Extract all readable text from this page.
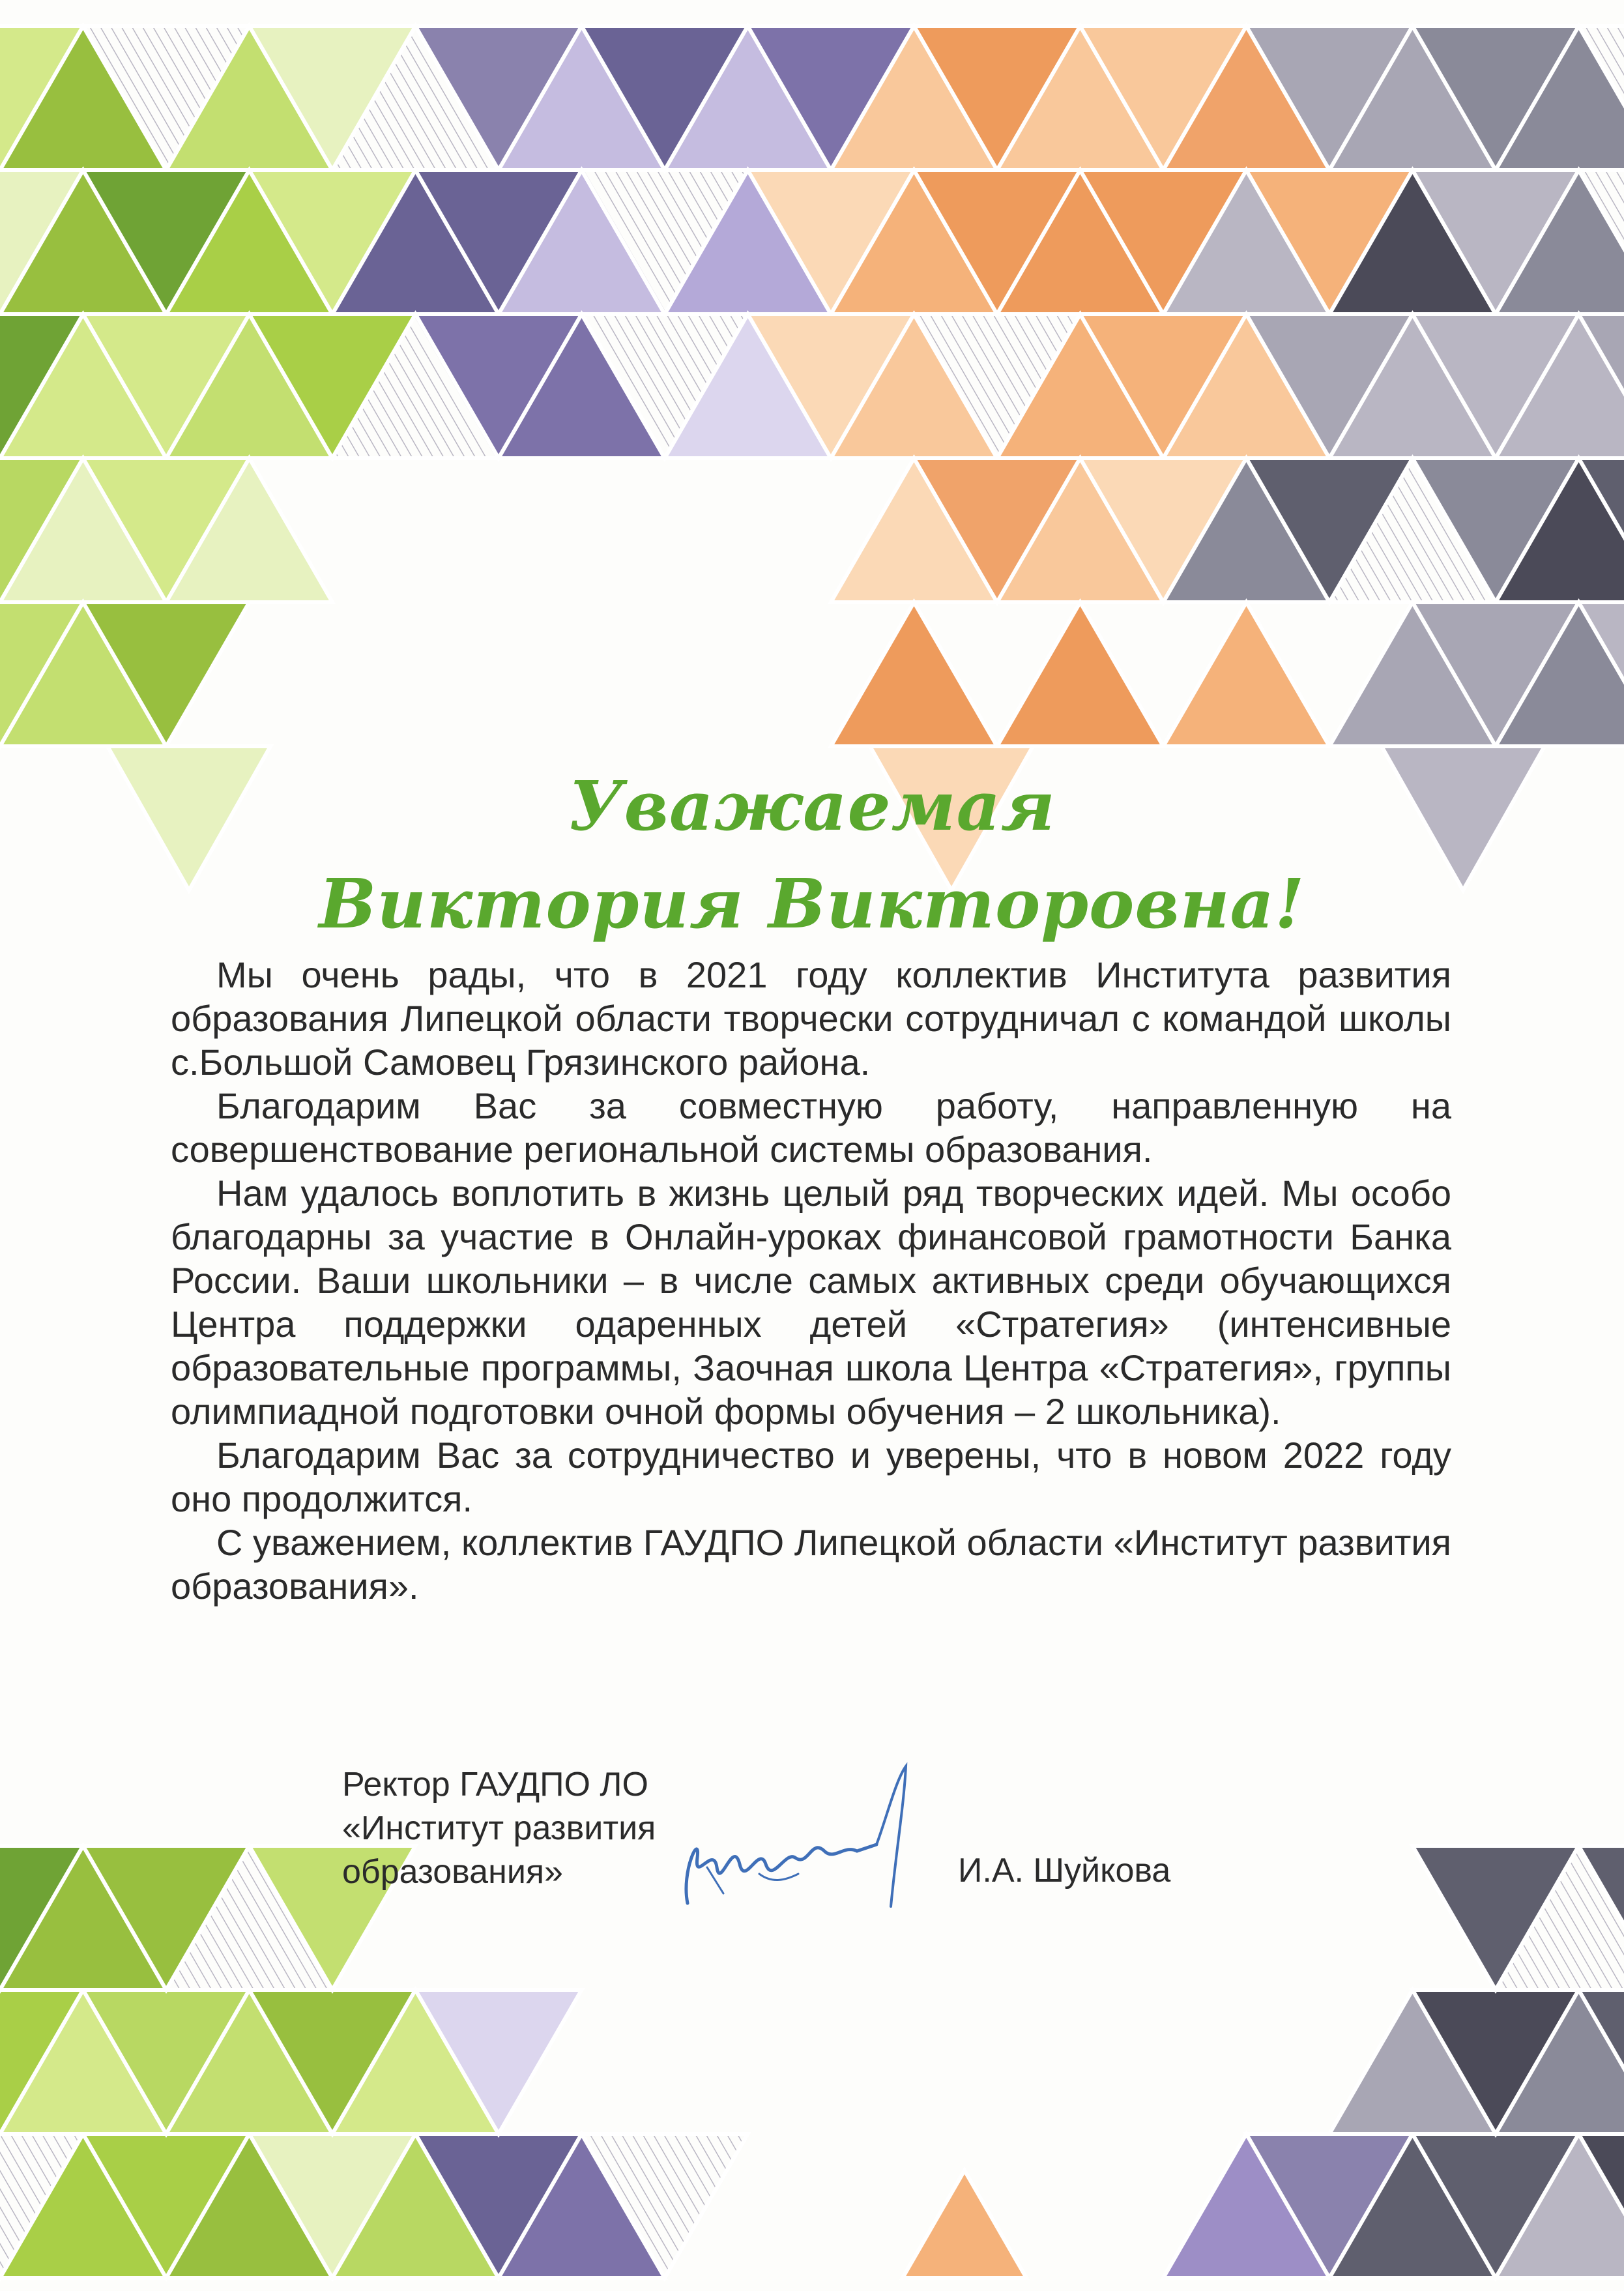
Уважаемая
Виктория Викторовна!

Мы очень рады, что в 2021 году коллектив Института развития образования Липецкой области творчески сотрудничал с командой школы с.Большой Самовец Грязинского района.

Благодарим Вас за совместную работу, направленную на совершенствование региональной системы образования.

Нам удалось воплотить в жизнь целый ряд творческих идей. Мы особо благодарны за участие в Онлайн-уроках финансовой грамотности Банка России. Ваши школьники – в числе самых активных среди обучающихся Центра поддержки одаренных детей «Стратегия» (интенсивные образовательные программы, Заочная школа Центра «Стратегия», группы олимпиадной подготовки очной формы обучения – 2 школьника).

Благодарим Вас за сотрудничество и уверены, что в новом 2022 году оно продолжится.

С уважением, коллектив ГАУДПО Липецкой области «Институт развития образования».

Ректор ГАУДПО ЛО
«Институт развития
образования»	И.А. Шуйкова
